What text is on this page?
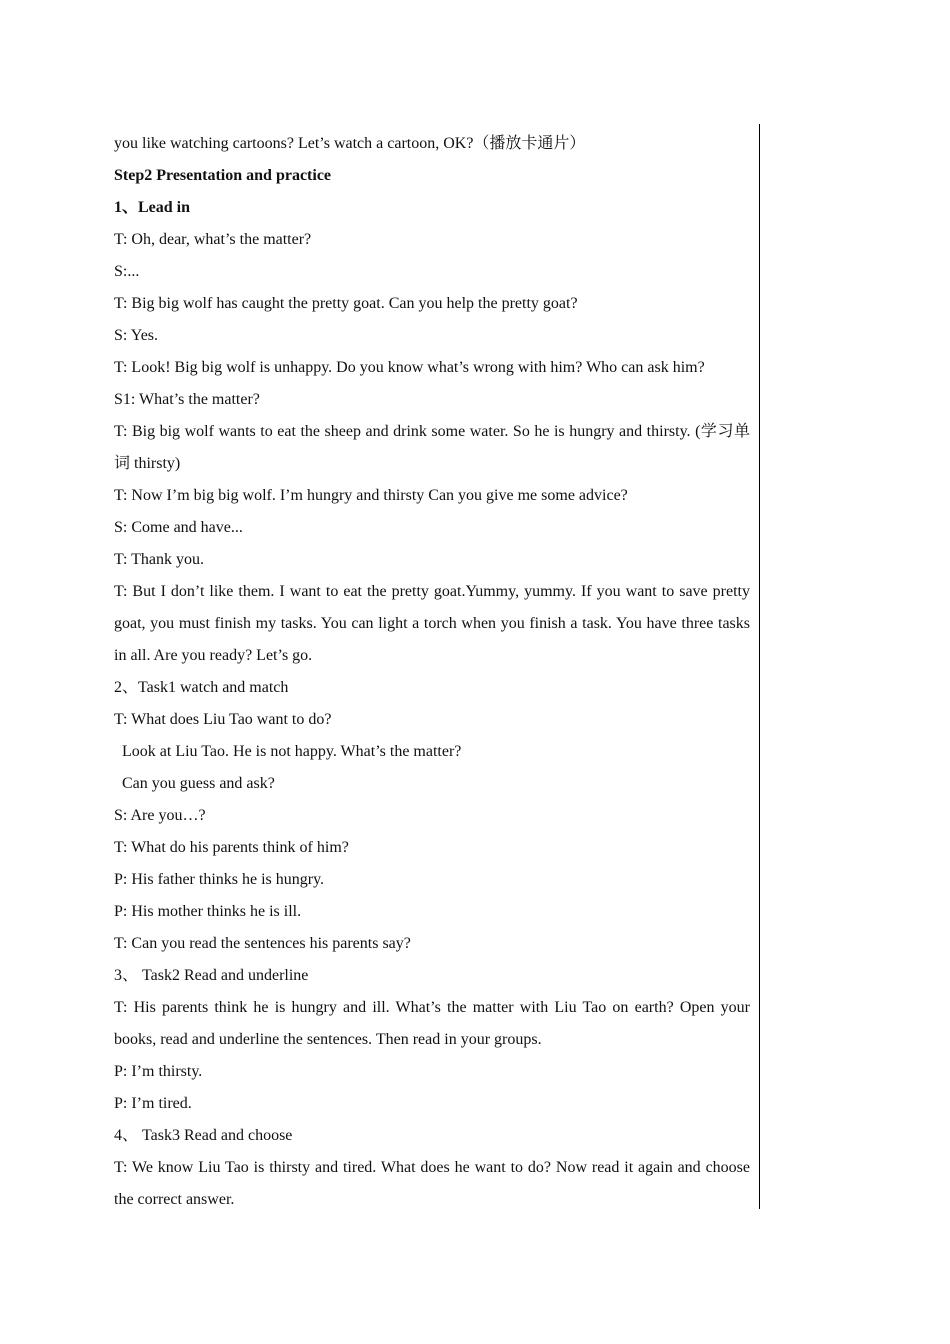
you like watching cartoons? Let’s watch a cartoon, OK?（播放卡通片）

Step2 Presentation and practice

1、Lead in

T: Oh, dear, what’s the matter?

S:...

T: Big big wolf has caught the pretty goat. Can you help the pretty goat?

S: Yes.

T: Look! Big big wolf is unhappy. Do you know what’s wrong with him? Who can ask him?

S1: What’s the matter?

T: Big big wolf wants to eat the sheep and drink some water. So he is hungry and thirsty. (学习单词 thirsty)

T: Now I’m big big wolf. I’m hungry and thirsty Can you give me some advice?

S: Come and have...

T: Thank you.

T: But I don’t like them. I want to eat the pretty goat.Yummy, yummy. If you want to save pretty goat, you must finish my tasks. You can light a torch when you finish a task. You have three tasks in all. Are you ready? Let’s go.

2、Task1 watch and match

T: What does Liu Tao want to do?

Look at Liu Tao. He is not happy. What’s the matter?

Can you guess and ask?

S: Are you…?

T: What do his parents think of him?

P: His father thinks he is hungry.

P: His mother thinks he is ill.

T: Can you read the sentences his parents say?

3、 Task2 Read and underline

T: His parents think he is hungry and ill. What’s the matter with Liu Tao on earth? Open your books, read and underline the sentences. Then read in your groups.

P: I’m thirsty.

P: I’m tired.

4、 Task3 Read and choose

T: We know Liu Tao is thirsty and tired. What does he want to do? Now read it again and choose the correct answer.
